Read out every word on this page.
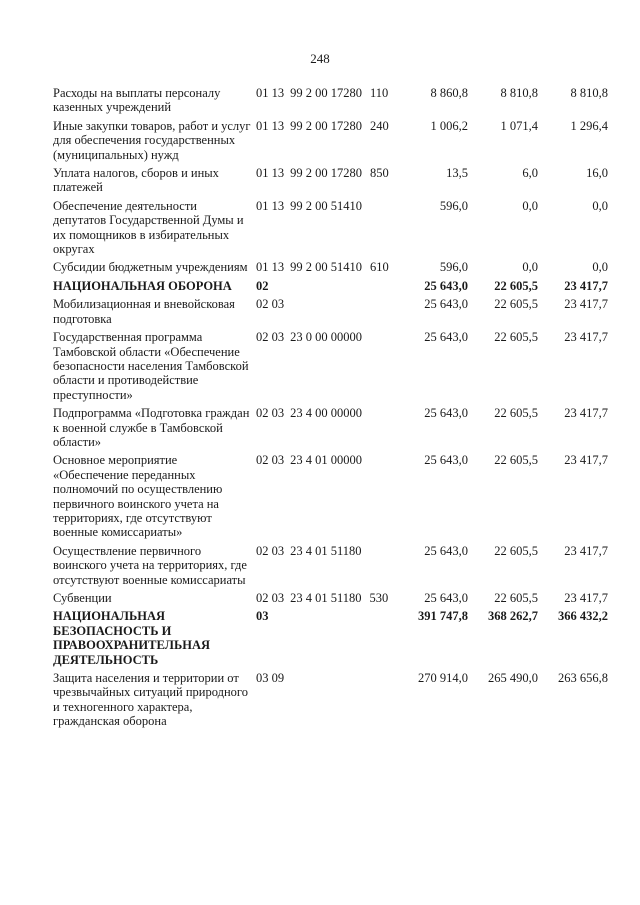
248
Расходы на выплаты персоналу казенных учреждений
01 13 99 2 00 17280 110	8 860,8	8 810,8	8 810,8
Иные закупки товаров, работ и услуг для обеспечения государственных (муниципальных) нужд
01 13 99 2 00 17280 240	1 006,2	1 071,4	1 296,4
Уплата налогов, сборов и иных платежей
01 13 99 2 00 17280 850	13,5	6,0	16,0
Обеспечение деятельности депутатов Государственной Думы и их помощников в избирательных округах
01 13 99 2 00 51410	596,0	0,0	0,0
Субсидии бюджетным учреждениям 01 13 99 2 00 51410 610	596,0	0,0	0,0
НАЦИОНАЛЬНАЯ ОБОРОНА	02	25 643,0	22 605,5	23 417,7
Мобилизационная и вневойсковая подготовка
02 03	25 643,0	22 605,5	23 417,7
Государственная программа Тамбовской области «Обеспечение безопасности населения Тамбовской области и противодействие преступности»
02 03 23 0 00 00000	25 643,0	22 605,5	23 417,7
Подпрограмма «Подготовка граждан к военной службе в Тамбовской области»
02 03 23 4 00 00000	25 643,0	22 605,5	23 417,7
Основное мероприятие «Обеспечение переданных полномочий по осуществлению первичного воинского учета на территориях, где отсутствуют военные комиссариаты»
02 03 23 4 01 00000	25 643,0	22 605,5	23 417,7
Осуществление первичного воинского учета на территориях, где отсутствуют военные комиссариаты
02 03 23 4 01 51180	25 643,0	22 605,5	23 417,7
Субвенции	02 03 23 4 01 51180 530	25 643,0	22 605,5	23 417,7
НАЦИОНАЛЬНАЯ БЕЗОПАСНОСТЬ И ПРАВООХРАНИТЕЛЬНАЯ ДЕЯТЕЛЬНОСТЬ
03	391 747,8	368 262,7	366 432,2
Защита населения и территории от чрезвычайных ситуаций природного и техногенного характера, гражданская оборона
03 09	270 914,0	265 490,0	263 656,8
